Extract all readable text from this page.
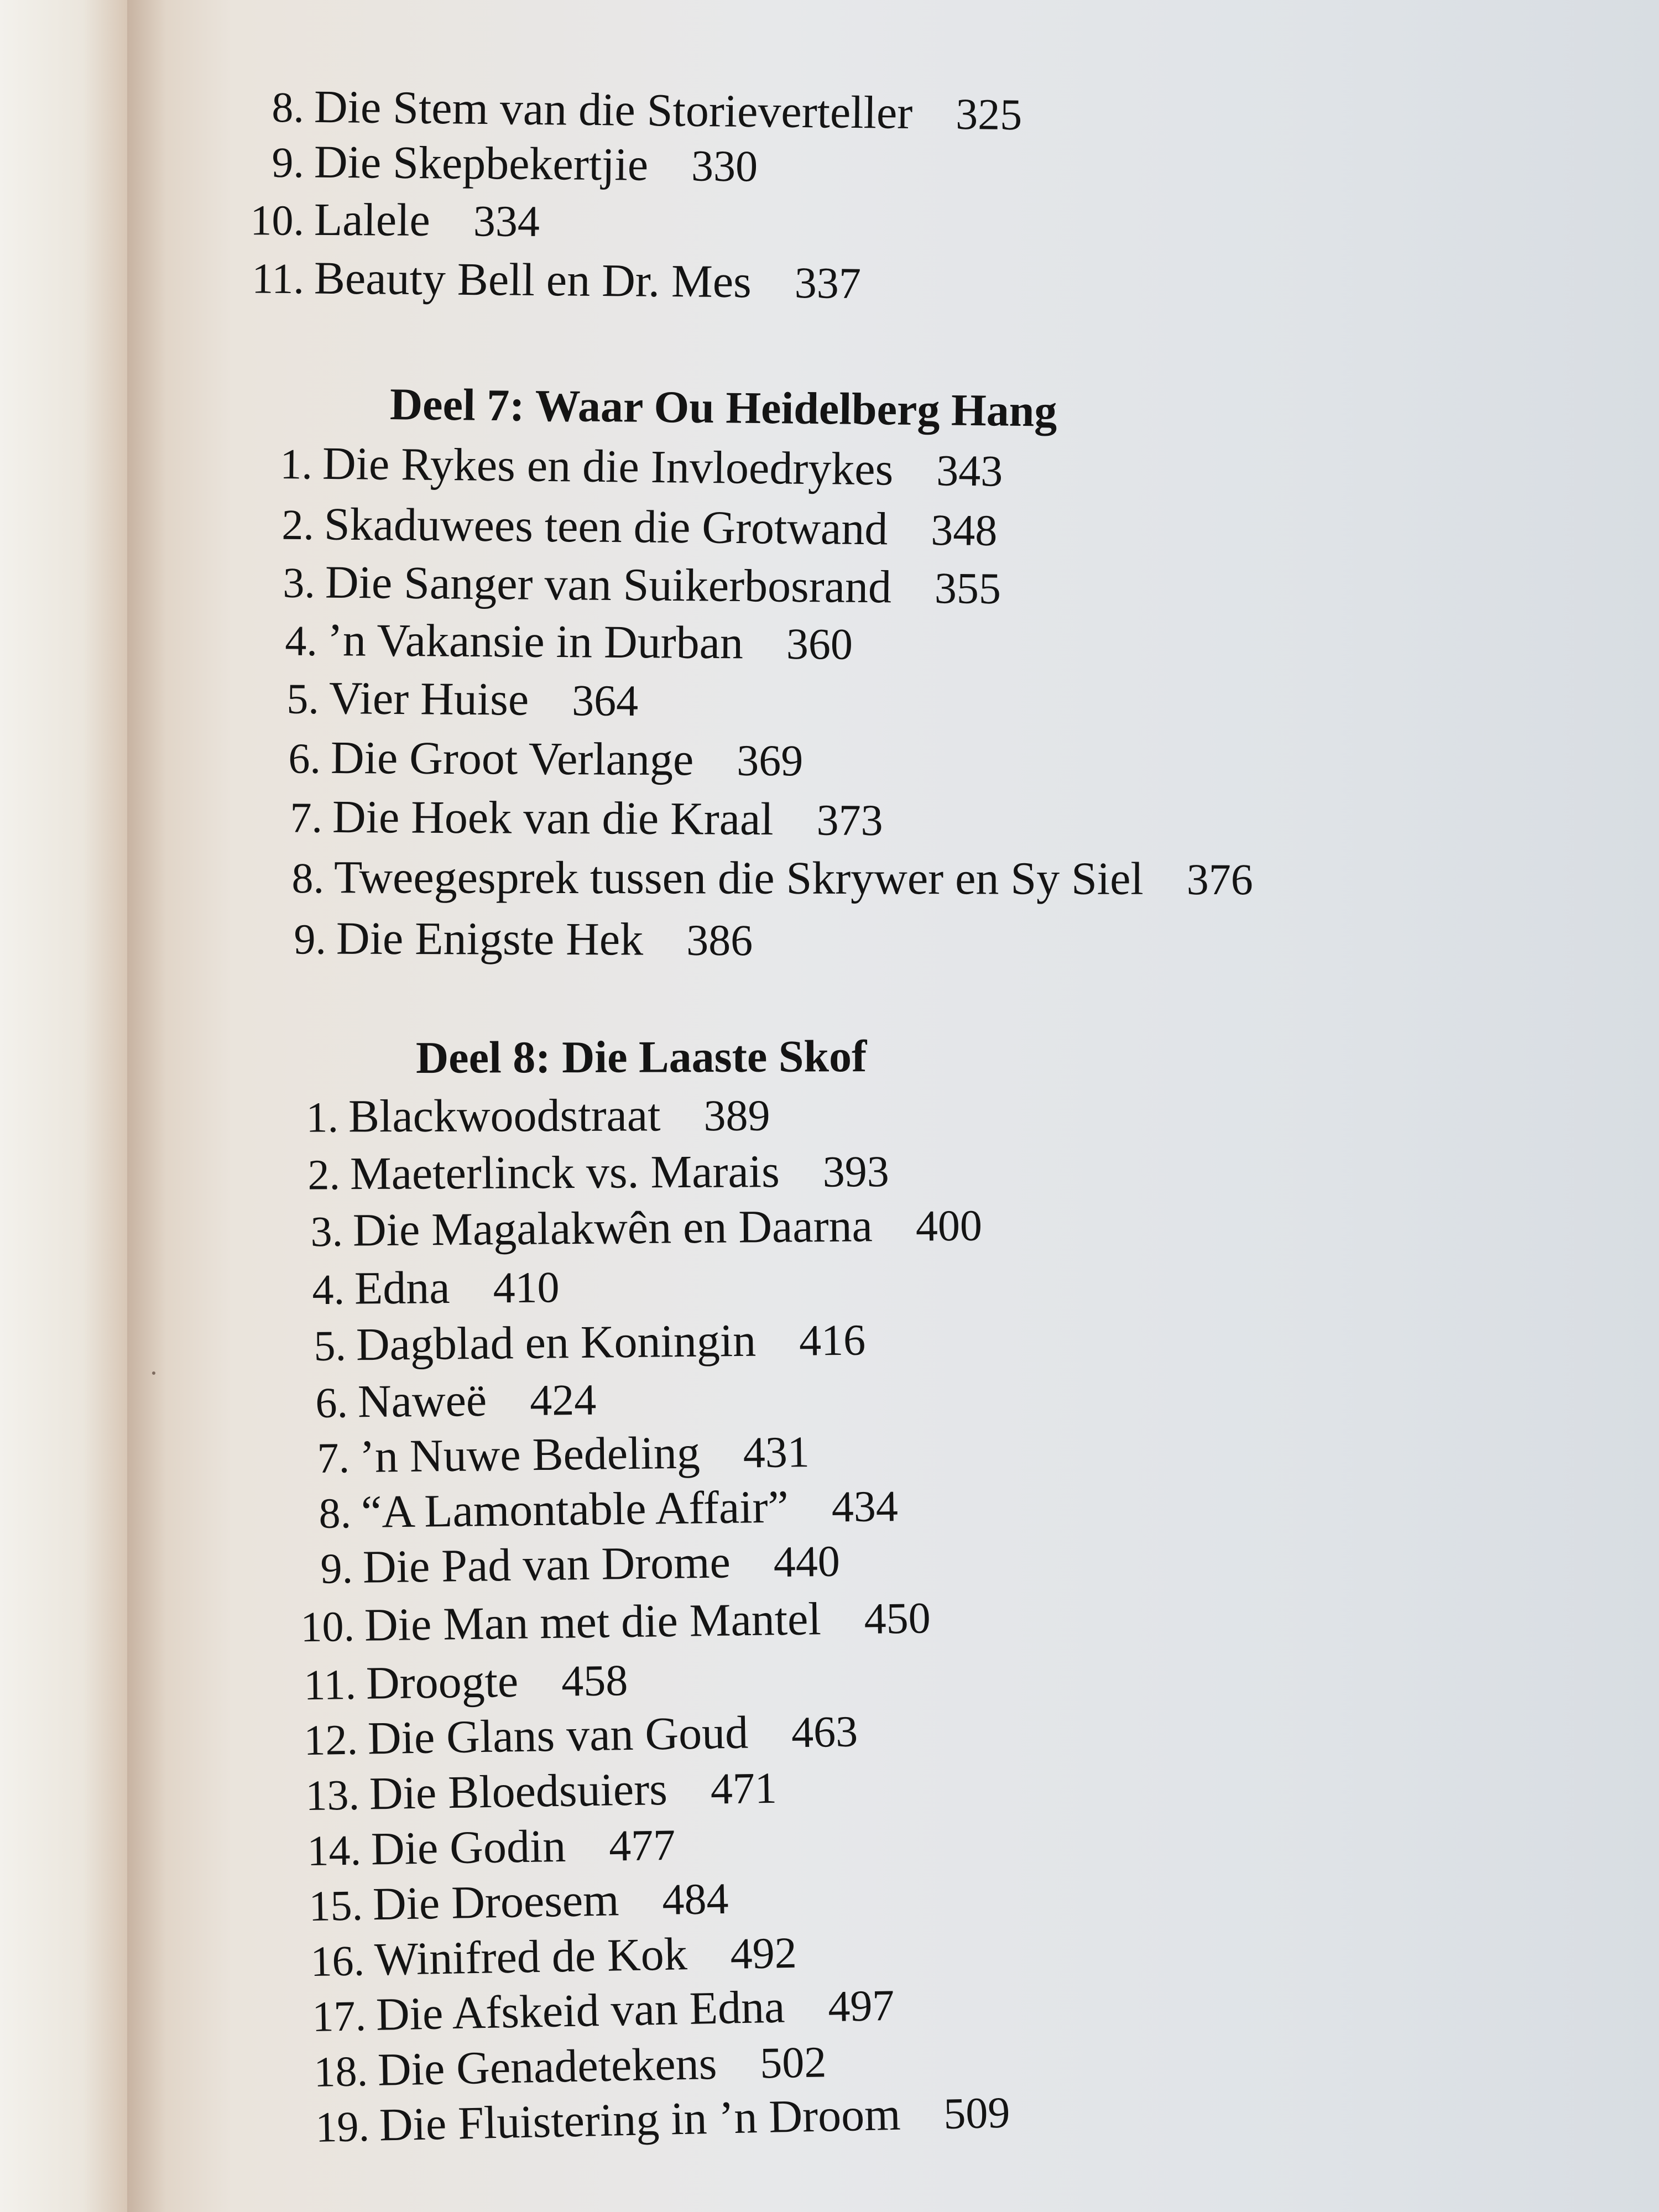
8. Die Stem van die Storieverteller 325
9. Die Skepbekertjie 330
10. Lalele 334
11. Beauty Bell en Dr. Mes 337
Deel 7: Waar Ou Heidelberg Hang
1. Die Rykes en die Invloedrykes 343
2. Skaduwees teen die Grotwand 348
3. Die Sanger van Suikerbosrand 355
4. ’n Vakansie in Durban 360
5. Vier Huise 364
6. Die Groot Verlange 369
7. Die Hoek van die Kraal 373
8. Tweegesprek tussen die Skrywer en Sy Siel 376
9. Die Enigste Hek 386
Deel 8: Die Laaste Skof
1. Blackwoodstraat 389
2. Maeterlinck vs. Marais 393
3. Die Magalakwên en Daarna 400
4. Edna 410
5. Dagblad en Koningin 416
6. Naweë 424
7. ’n Nuwe Bedeling 431
8. “A Lamontable Affair” 434
9. Die Pad van Drome 440
10. Die Man met die Mantel 450
11. Droogte 458
12. Die Glans van Goud 463
13. Die Bloedsuiers 471
14. Die Godin 477
15. Die Droesem 484
16. Winifred de Kok 492
17. Die Afskeid van Edna 497
18. Die Genadetekens 502
19. Die Fluistering in ’n Droom 509
